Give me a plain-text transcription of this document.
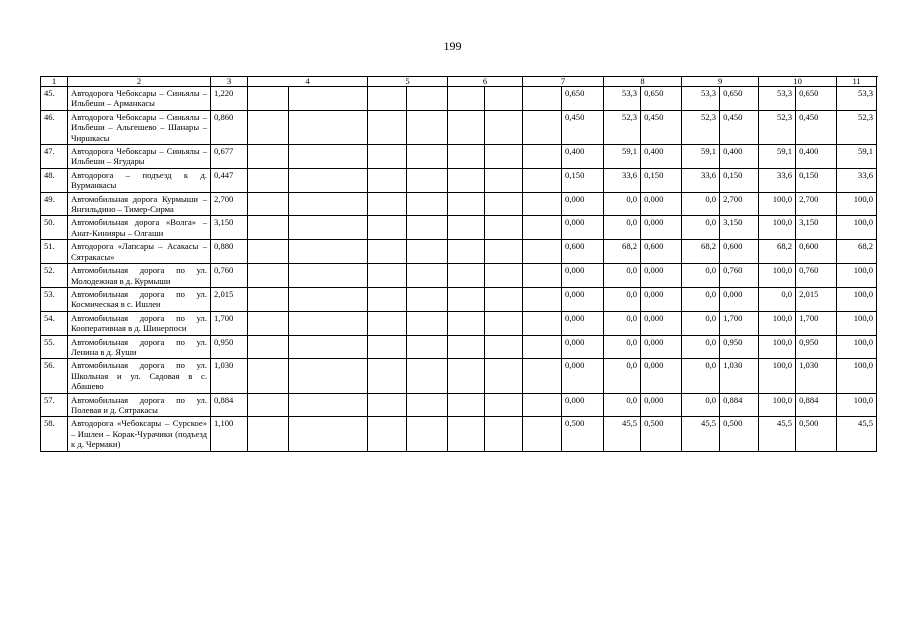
199
1	2	3	4		5		6		7		8		9		10		11
45.	Автодорога Чебоксары – Синьялы – Ильбеши – Арманкасы	1,220								0,650	53,3	0,650	53,3	0,650	53,3	0,650	53,3
46.	Автодорога Чебоксары – Синьялы – Ильбеши – Альгешево – Шанары – Чиршкасы	0,860								0,450	52,3	0,450	52,3	0,450	52,3	0,450	52,3
47.	Автодорога Чебоксары – Синьялы – Ильбеши – Ягудары	0,677								0,400	59,1	0,400	59,1	0,400	59,1	0,400	59,1
48.	Автодорога – подъезд к д. Вурманкасы	0,447								0,150	33,6	0,150	33,6	0,150	33,6	0,150	33,6
49.	Автомобильная дорога Курмыши – Янгильдино – Тимер-Сирма	2,700								0,000	0,0	0,000	0,0	2,700	100,0	2,700	100,0
50.	Автомобильная дорога «Волга» – Анат-Кинияры – Олгаши	3,150								0,000	0,0	0,000	0,0	3,150	100,0	3,150	100,0
51.	Автодорога «Лапсары – Асакасы – Сятракасы»	0,880								0,600	68,2	0,600	68,2	0,600	68,2	0,600	68,2
52.	Автомобильная дорога по ул. Молодежная в д. Курмыши	0,760								0,000	0,0	0,000	0,0	0,760	100,0	0,760	100,0
53.	Автомобильная дорога по ул. Космическая в с. Ишлеи	2,015								0,000	0,0	0,000	0,0	0,000	0,0	2,015	100,0
54.	Автомобильная дорога по ул. Кооперативная в д. Шинерпоси	1,700								0,000	0,0	0,000	0,0	1,700	100,0	1,700	100,0
55.	Автомобильная дорога по ул. Ленина в д. Яуши	0,950								0,000	0,0	0,000	0,0	0,950	100,0	0,950	100,0
56.	Автомобильная дорога по ул. Школьная и ул. Садовая в с. Абашево	1,030								0,000	0,0	0,000	0,0	1,030	100,0	1,030	100,0
57.	Автомобильная дорога по ул. Полевая и д. Сятракасы	0,884								0,000	0,0	0,000	0,0	0,884	100,0	0,884	100,0
58.	Автодорога «Чебоксары – Сурское» – Ишлеи – Корак-Чурачики (подъезд к д. Чермаки)	1,100								0,500	45,5	0,500	45,5	0,500	45,5	0,500	45,5
